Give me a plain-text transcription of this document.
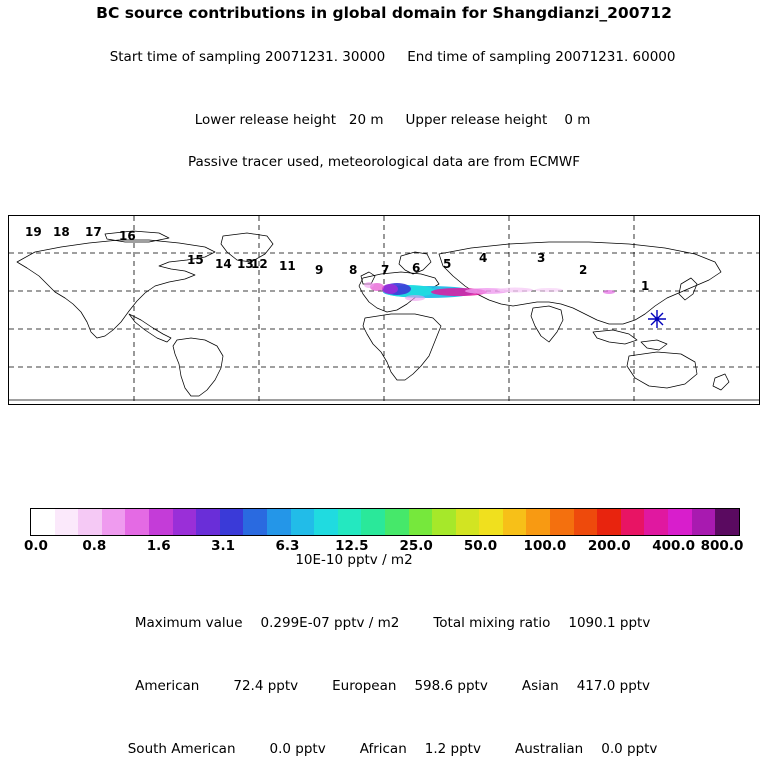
BC source contributions in global domain for Shangdianzi_200712

Start time of sampling 20071231. 30000 End time of sampling 20071231. 60000

Lower release height   20 m Upper release height    0 m

Passive tracer used, meteorological data are from ECMWF
19 18 17 16
15 14 13
12 11 9 8 7 6 5 4	3
2
1
0.0	0.8	1.6	3.1	6.3	12.5 25.0 50.0 100.0 200.0 400.0 800.0
10E-10 pptv / m2

Maximum value 0.299E-07 pptv / m2	Total mixing ratio 1090.1 pptv

American	72.4 pptv	European 598.6 pptv	Asian 417.0 pptv

South American	0.0 pptv	African 1.2 pptv	Australian 0.0 pptv
